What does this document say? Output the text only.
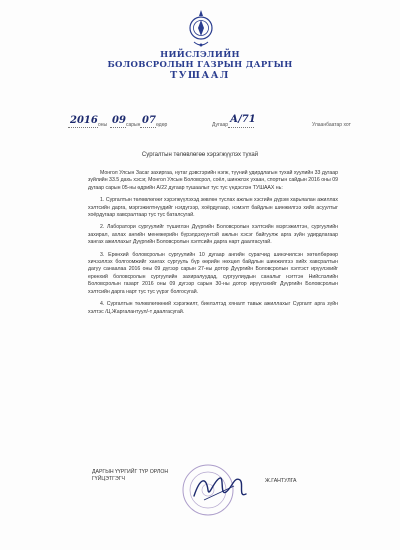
НИЙСЛЭЛИЙН
БОЛОВСРОЛЫН ГАЗРЫН ДАРГЫН
ТУШААЛ
2016 оны 09 сарын 07 өдөр	Дугаар А/71	Улаанбаатар хот
Сургалтын төлөвлөгөө хэрэгжүүлэх тухай

Монгол Улсын Засаг захиргаа, нутаг дэвсгэрийн нэгж, түүний удирдлагын тухай хуулийн 33 дугаар зүйлийн 33.5 дахь хэсэг, Монгол Улсын Боловсрол, соёл, шинжлэх ухаан, спортын сайдын 2016 оны 09 дугаар сарын 05-ны өдрийн А/22 дугаар тушаалыг тус тус үндэслэн ТУШААХ нь:

1. Сургалтын төлөвлөгөөг хэрэгжүүлэхэд зөвлөн туслах ажлын хэсгийн дүрэм харьяалан ажиллах хэлтсийн дарга, мэргэжилтнүүдийг нэгдүгээр, хоёрдугаар, нэмэлт байдлын шинжилгээ хийх асуултыг хоёрдугаар хавсралтаар тус тус баталсугай.

2. Лаборатори сургуулийг түшиглэн Дүүргийн Боловсролын хэлтсийн мэргэжилтэн, сургуулийн захирал, ахлах ангийн менежерийн бүрэлдэхүүнтэй ажлын хэсэг байгуулж арга зүйн удирдлагаар хангах ажиллахыг Дүүргийн Боловсролын хэлтсийн дарга нарт даалгасугай.

3. Ерөнхий боловсролын сургуулийн 10 дугаар ангийн сурагчид шинэчилсэн хөтөлбөрөөр хичээллэх болгоомжийг хангах сургууль бүр өөрийн нөхцөл байдлын шинжилгээ хийх хавсралтын дагуу санаалаа 2016 оны 09 дүгээр сарын 27-ны дотор Дүүргийн Боловсролын хэлтэст ирүүлэхийг ерөнхий боловсролын сургуулийн захиралуудад, сургуулиудын саналыг нэгтгэн Нийслэлийн Боловсролын газарт 2016 оны 09 дүгээр сарын 30-ны дотор ирүүлэхийг Дүүргийн Боловсролын хэлтсийн дарга нарт тус тус үүрэг болгосугай.

4. Сургалтын төлөвлөгөөний хэрэгжилт, биелэлтэд хяналт тавьж ажиллахыг Сургалт арга зүйн хэлтэс /Ц.Жаргалантуул/-т даалгасугай.

ДАРГЫН ҮҮРГИЙГ ТҮР ОРЛОН
ГҮЙЦЭТГЭГЧ	Ж.ГАНТУЛГА
